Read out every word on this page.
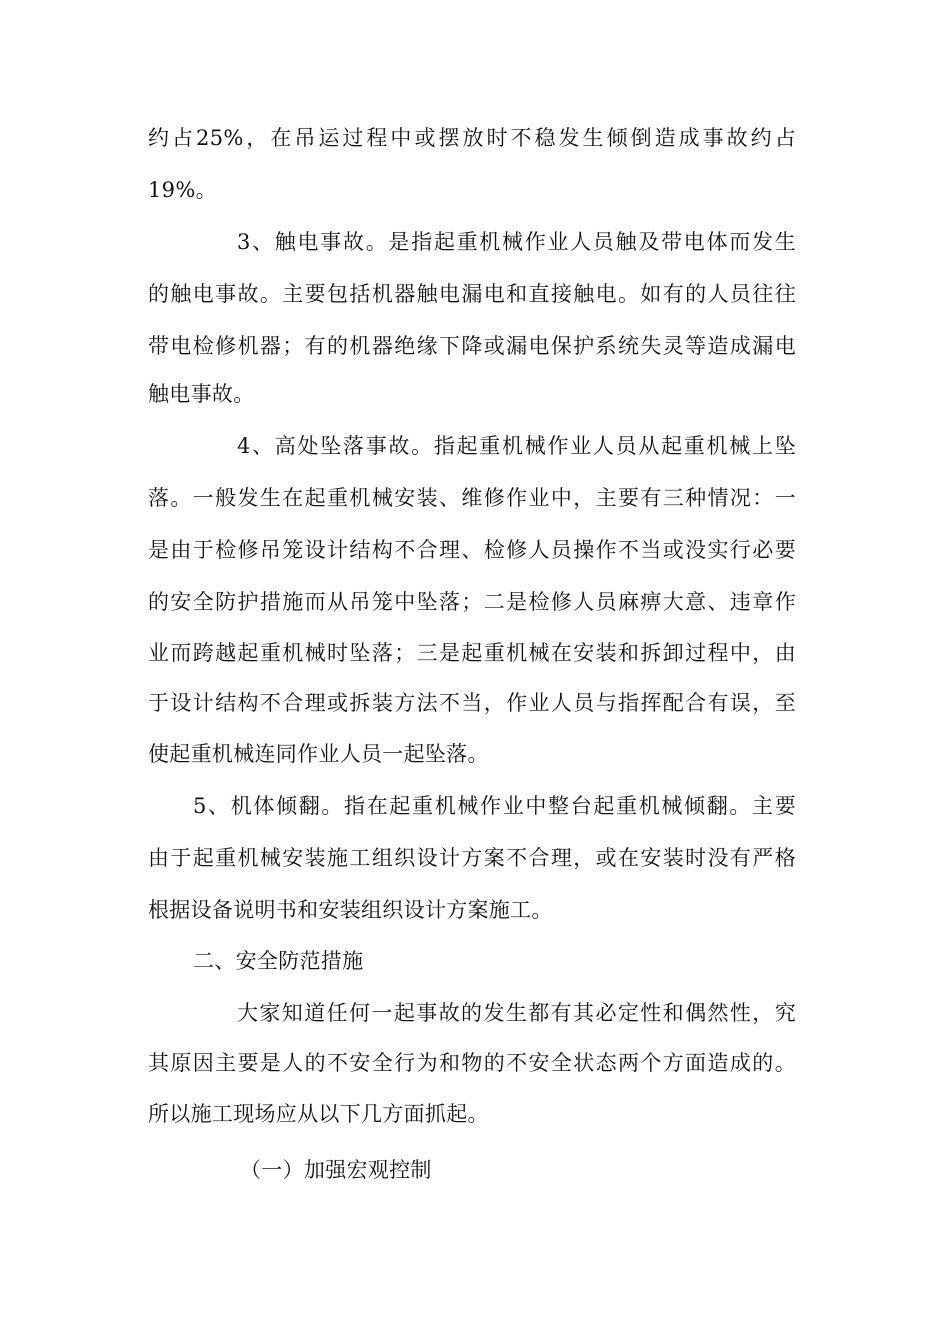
约占25%，在吊运过程中或摆放时不稳发生倾倒造成事故约占
19%。
3、触电事故。是指起重机械作业人员触及带电体而发生
的触电事故。主要包括机器触电漏电和直接触电。如有的人员往往
带电检修机器；有的机器绝缘下降或漏电保护系统失灵等造成漏电
触电事故。
4、高处坠落事故。指起重机械作业人员从起重机械上坠
落。一般发生在起重机械安装、维修作业中，主要有三种情况：一
是由于检修吊笼设计结构不合理、检修人员操作不当或没实行必要
的安全防护措施而从吊笼中坠落；二是检修人员麻痹大意、违章作
业而跨越起重机械时坠落；三是起重机械在安装和拆卸过程中，由
于设计结构不合理或拆装方法不当，作业人员与指挥配合有误，至
使起重机械连同作业人员一起坠落。
5、机体倾翻。指在起重机械作业中整台起重机械倾翻。主要
由于起重机械安装施工组织设计方案不合理，或在安装时没有严格
根据设备说明书和安装组织设计方案施工。
二、安全防范措施
大家知道任何一起事故的发生都有其必定性和偶然性，究
其原因主要是人的不安全行为和物的不安全状态两个方面造成的。
所以施工现场应从以下几方面抓起。
（一）加强宏观控制
